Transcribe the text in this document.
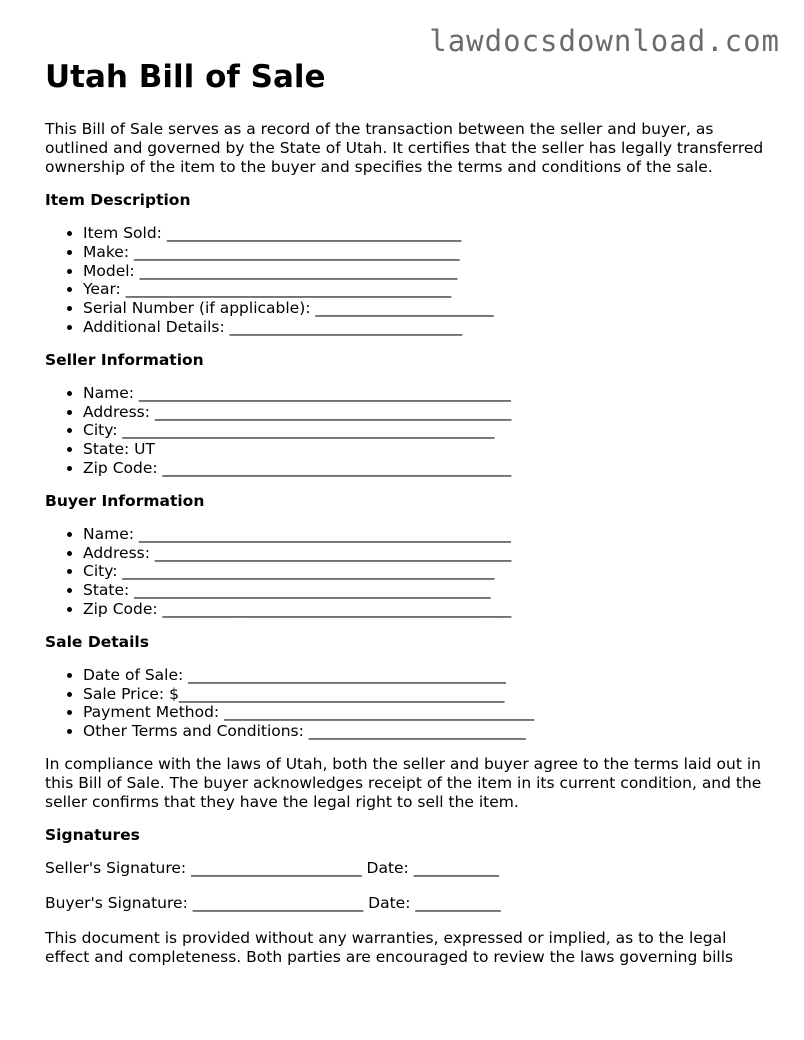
lawdocsdownload.com
Utah Bill of Sale

This Bill of Sale serves as a record of the transaction between the seller and buyer, as outlined and governed by the State of Utah. It certifies that the seller has legally transferred ownership of the item to the buyer and specifies the terms and conditions of the sale.

Item Description
• Item Sold: ______________________________________
• Make: __________________________________________
• Model: _________________________________________
• Year: __________________________________________
• Serial Number (if applicable): _______________________
• Additional Details: ______________________________
Seller Information
• Name: ________________________________________________
• Address: ______________________________________________
• City: ________________________________________________
• State: UT
• Zip Code: _____________________________________________
Buyer Information
• Name: ________________________________________________
• Address: ______________________________________________
• City: ________________________________________________
• State: ______________________________________________
• Zip Code: _____________________________________________
Sale Details
• Date of Sale: _________________________________________
• Sale Price: $__________________________________________
• Payment Method: ________________________________________
• Other Terms and Conditions: ____________________________

In compliance with the laws of Utah, both the seller and buyer agree to the terms laid out in this Bill of Sale. The buyer acknowledges receipt of the item in its current condition, and the seller confirms that they have the legal right to sell the item.

Signatures

Seller's Signature: ______________________ Date: ___________

Buyer's Signature: ______________________ Date: ___________

This document is provided without any warranties, expressed or implied, as to the legal effect and completeness. Both parties are encouraged to review the laws governing bills
